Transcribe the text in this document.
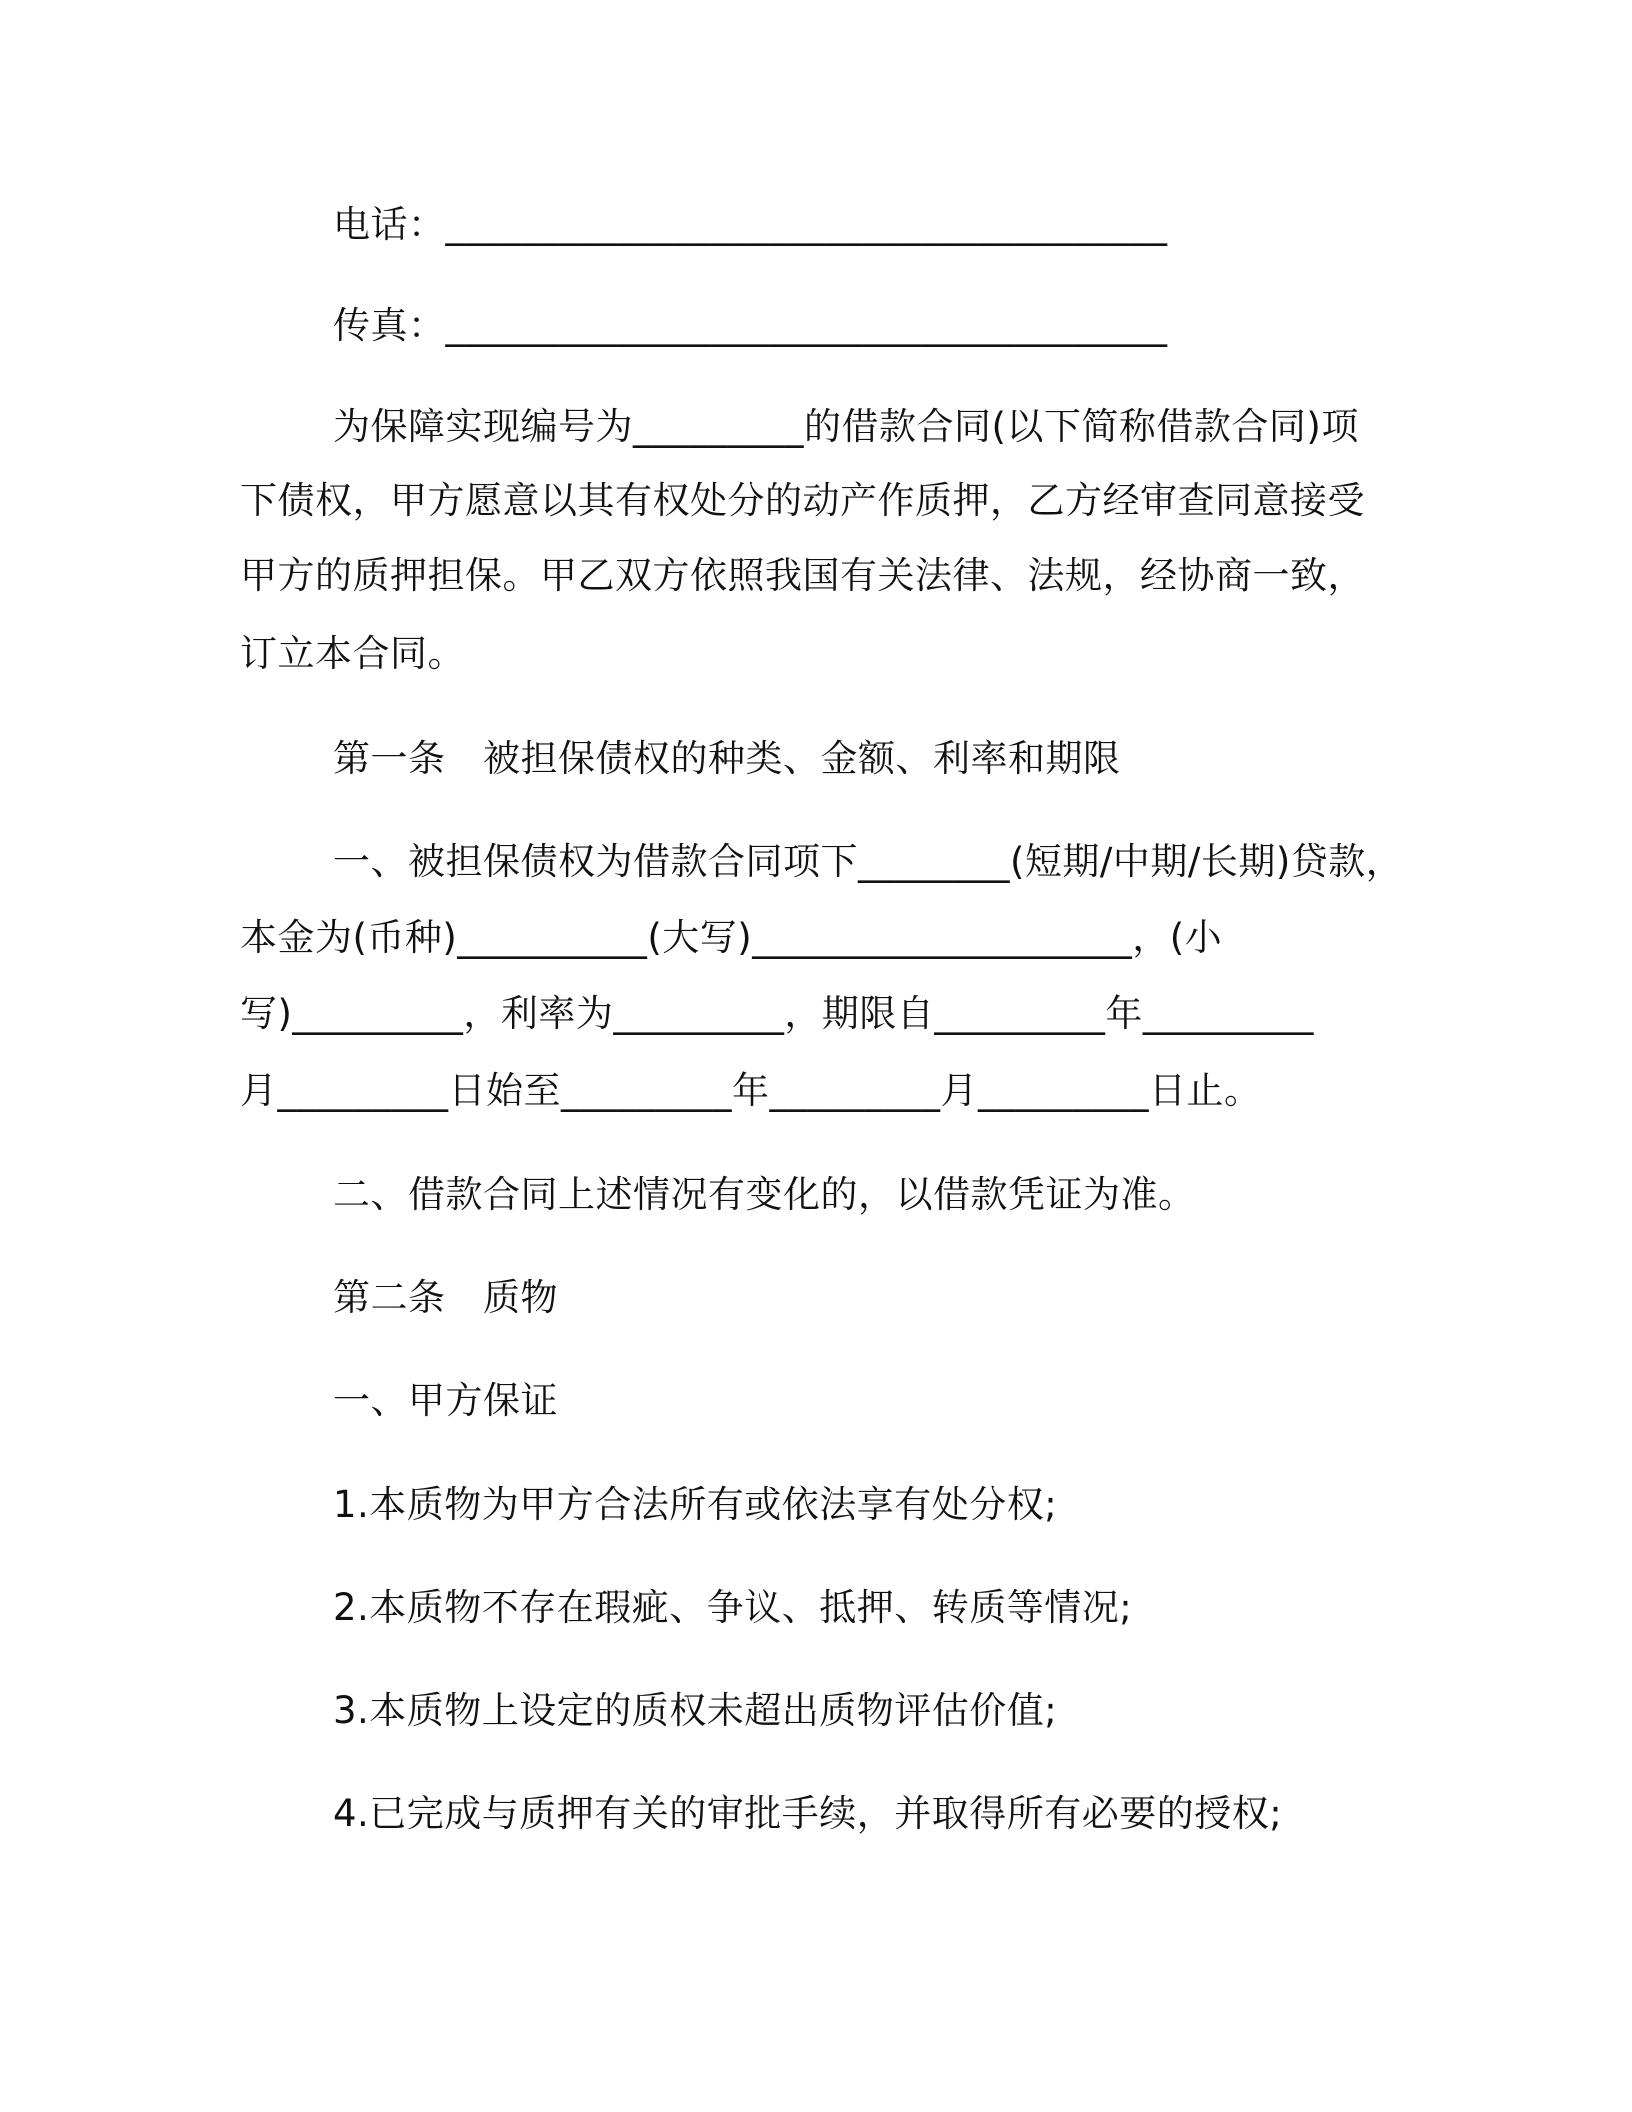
电话：______________________________________
传真：______________________________________
为保障实现编号为_________的借款合同(以下简称借款合同)项
下债权，甲方愿意以其有权处分的动产作质押，乙方经审查同意接受
甲方的质押担保。甲乙双方依照我国有关法律、法规，经协商一致，
订立本合同。
第一条　被担保债权的种类、金额、利率和期限
一、被担保债权为借款合同项下________(短期/中期/长期)贷款，
本金为(币种)__________(大写)____________________，(小
写)_________，利率为_________，期限自_________年_________
月_________日始至_________年_________月_________日止。
二、借款合同上述情况有变化的，以借款凭证为准。
第二条　质物
一、甲方保证
1.本质物为甲方合法所有或依法享有处分权;
2.本质物不存在瑕疵、争议、抵押、转质等情况;
3.本质物上设定的质权未超出质物评估价值;
4.已完成与质押有关的审批手续，并取得所有必要的授权;
